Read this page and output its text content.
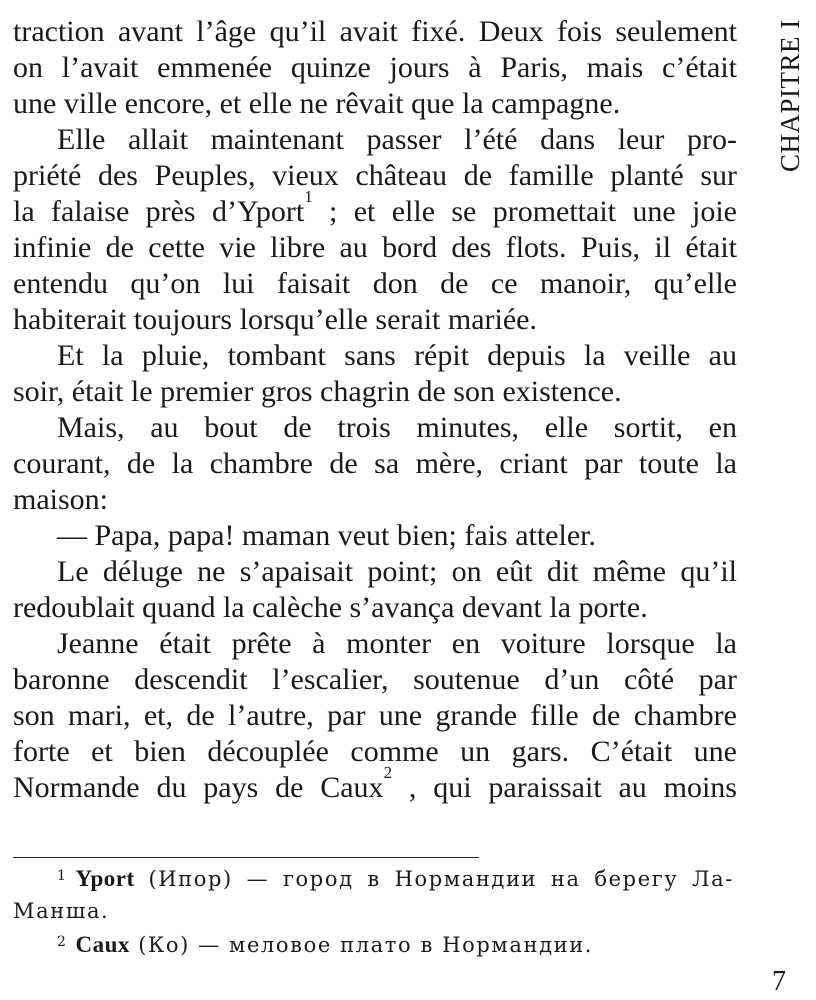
traction avant l’âge qu’il avait fixé. Deux fois seulement
on l’avait emmenée quinze jours à Paris, mais c’était
une ville encore, et elle ne rêvait que la campagne.
Elle allait maintenant passer l’été dans leur pro-
priété des Peuples, vieux château de famille planté sur
la falaise près d’Yport$^1$ ; et elle se promettait une joie
infinie de cette vie libre au bord des flots. Puis, il était
entendu qu’on lui faisait don de ce manoir, qu’elle
habiterait toujours lorsqu’elle serait mariée.
Et la pluie, tombant sans répit depuis la veille au
soir, était le premier gros chagrin de son existence.
Mais, au bout de trois minutes, elle sortit, en
courant, de la chambre de sa mère, criant par toute la
maison:
— Papa, papa! maman veut bien; fais atteler.
Le déluge ne s’apaisait point; on eût dit même qu’il
redoublait quand la calèche s’avança devant la porte.
Jeanne était prête à monter en voiture lorsque la
baronne descendit l’escalier, soutenue d’un côté par
son mari, et, de l’autre, par une grande fille de chambre
forte et bien découplée comme un gars. C’était une
Normande du pays de Caux$^2$ , qui paraissait au moins
CHAPITRE I
$^1$ Yport (Ипор) — город в Нормандии на берегу Ла-
Манша.
$^2$ Caux (Ко) — меловое плато в Нормандии.
7
